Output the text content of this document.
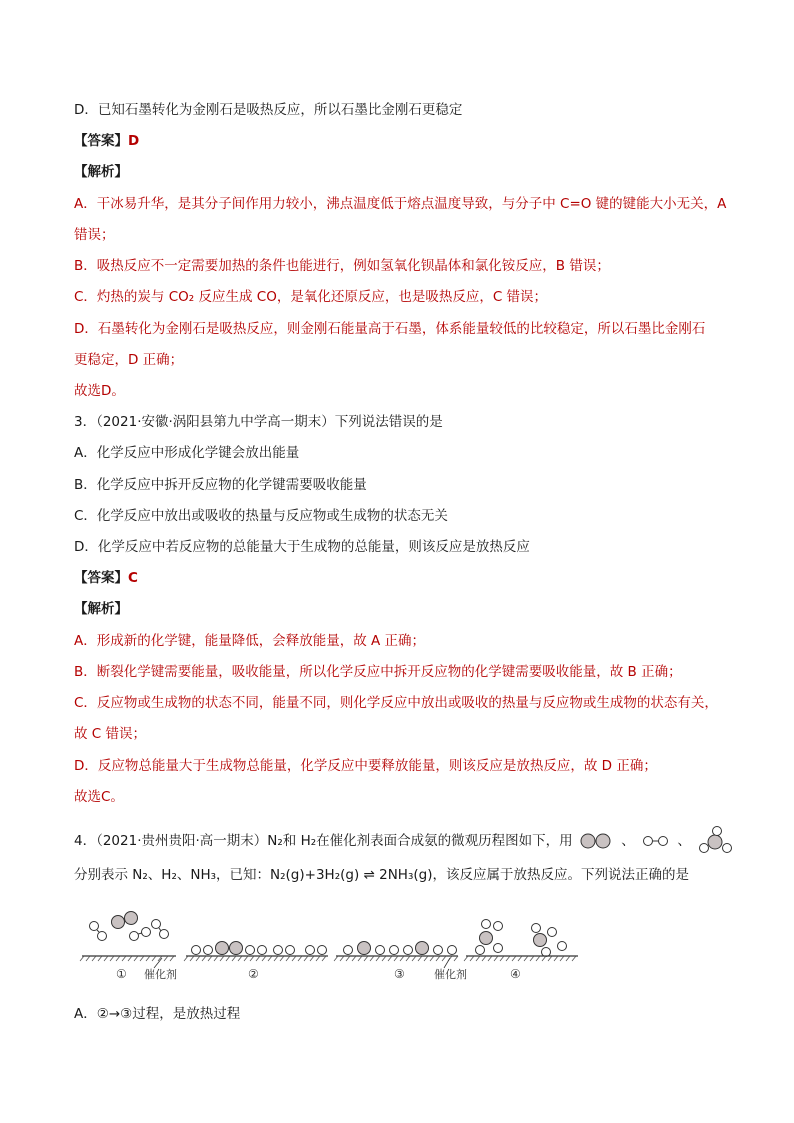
D．已知石墨转化为金刚石是吸热反应，所以石墨比金刚石更稳定
【答案】D
【解析】
A．干冰易升华，是其分子间作用力较小，沸点温度低于熔点温度导致，与分子中 C=O 键的键能大小无关，A
错误；
B．吸热反应不一定需要加热的条件也能进行，例如氢氧化钡晶体和氯化铵反应，B 错误；
C．灼热的炭与 CO₂ 反应生成 CO，是氧化还原反应，也是吸热反应，C 错误；
D．石墨转化为金刚石是吸热反应，则金刚石能量高于石墨，体系能量较低的比较稳定，所以石墨比金刚石
更稳定，D 正确；
故选D。
3．（2021·安徽·涡阳县第九中学高一期末）下列说法错误的是
A．化学反应中形成化学键会放出能量
B．化学反应中拆开反应物的化学键需要吸收能量
C．化学反应中放出或吸收的热量与反应物或生成物的状态无关
D．化学反应中若反应物的总能量大于生成物的总能量，则该反应是放热反应
【答案】C
【解析】
A．形成新的化学键，能量降低，会释放能量，故 A 正确；
B．断裂化学键需要能量，吸收能量，所以化学反应中拆开反应物的化学键需要吸收能量，故 B 正确；
C．反应物或生成物的状态不同，能量不同，则化学反应中放出或吸收的热量与反应物或生成物的状态有关，
故 C 错误；
D．反应物总能量大于生成物总能量，化学反应中要释放能量，则该反应是放热反应，故 D 正确；
故选C。
4．（2021·贵州贵阳·高一期末）N₂和 H₂在催化剂表面合成氨的微观历程图如下，用	、	、
分别表示 N₂、H₂、NH₃，已知：N₂(g)+3H₂(g) ⇌ 2NH₃(g)，该反应属于放热反应。下列说法正确的是
催化剂	催化剂
①	②	③	④
A．②→③过程，是放热过程
